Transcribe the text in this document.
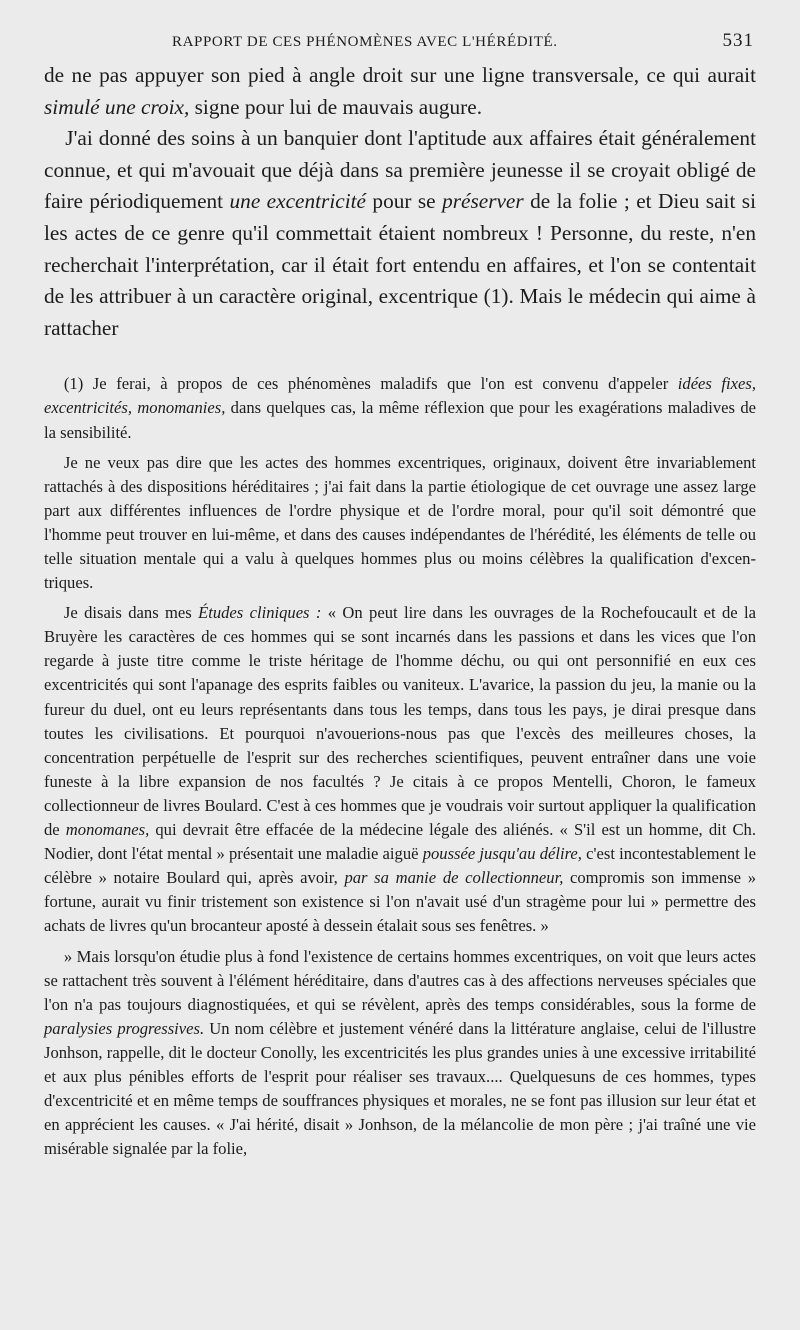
RAPPORT DE CES PHÉNOMÈNES AVEC L'HÉRÉDITÉ.	531

de ne pas appuyer son pied à angle droit sur une ligne transversale, ce qui aurait simulé une croix, signe pour lui de mauvais augure.

J'ai donné des soins à un banquier dont l'aptitude aux affaires était généralement connue, et qui m'avouait que déjà dans sa première jeunesse il se croyait obligé de faire périodiquement une excentricité pour se préserver de la folie ; et Dieu sait si les actes de ce genre qu'il commettait étaient nombreux ! Personne, du reste, n'en recherchait l'interprétation, car il était fort entendu en affaires, et l'on se contentait de les attribuer à un caractère original, excentrique (1). Mais le médecin qui aime à rattacher

(1) Je ferai, à propos de ces phénomènes maladifs que l'on est convenu d'appeler idées fixes, excentricités, monomanies, dans quelques cas, la même réflexion que pour les exagérations maladives de la sensibilité.

Je ne veux pas dire que les actes des hommes excentriques, originaux, doivent être invariablement rattachés à des dispositions héréditaires ; j'ai fait dans la partie étiologique de cet ouvrage une assez large part aux différentes influences de l'ordre physique et de l'ordre moral, pour qu'il soit démontré que l'homme peut trouver en lui-même, et dans des causes indépendantes de l'hérédité, les éléments de telle ou telle situation mentale qui a valu à quelques hommes plus ou moins célèbres la qualification d'excentriques.

Je disais dans mes Études cliniques : « On peut lire dans les ouvrages de la Rochefoucault et de la Bruyère les caractères de ces hommes qui se sont incarnés dans les passions et dans les vices que l'on regarde à juste titre comme le triste héritage de l'homme déchu, ou qui ont personnifié en eux ces excentricités qui sont l'apanage des esprits faibles ou vaniteux. L'avarice, la passion du jeu, la manie ou la fureur du duel, ont eu leurs représentants dans tous les temps, dans tous les pays, je dirai presque dans toutes les civilisations. Et pourquoi n'avouerions-nous pas que l'excès des meilleures choses, la concentration perpétuelle de l'esprit sur des recherches scientifiques, peuvent entraîner dans une voie funeste à la libre expansion de nos facultés ? Je citais à ce propos Mentelli, Choron, le fameux collectionneur de livres Boulard. C'est à ces hommes que je voudrais voir surtout appliquer la qualification de monomanes, qui devrait être effacée de la médecine légale des aliénés. « S'il est un homme, dit Ch. Nodier, dont l'état mental » présentait une maladie aiguë poussée jusqu'au délire, c'est incontestablement le célèbre » notaire Boulard qui, après avoir, par sa manie de collectionneur, compromis son immense » fortune, aurait vu finir tristement son existence si l'on n'avait usé d'un stragème pour lui » permettre des achats de livres qu'un brocanteur aposté à dessein étalait sous ses fenêtres. »

» Mais lorsqu'on étudie plus à fond l'existence de certains hommes excentriques, on voit que leurs actes se rattachent très souvent à l'élément héréditaire, dans d'autres cas à des affections nerveuses spéciales que l'on n'a pas toujours diagnostiquées, et qui se révèlent, après des temps considérables, sous la forme de paralysies progressives. Un nom célèbre et justement vénéré dans la littérature anglaise, celui de l'illustre Jonhson, rappelle, dit le docteur Conolly, les excentricités les plus grandes unies à une excessive irritabilité et aux plus pénibles efforts de l'esprit pour réaliser ses travaux.... Quelquesuns de ces hommes, types d'excentricité et en même temps de souffrances physiques et morales, ne se font pas illusion sur leur état et en apprécient les causes. « J'ai hérité, disait » Jonhson, de la mélancolie de mon père ; j'ai traîné une vie misérable signalée par la folie,
